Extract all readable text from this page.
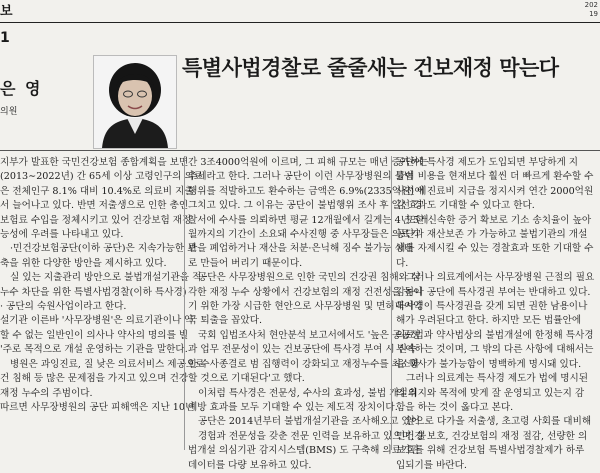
보	202
19
1
은 영
의원
특별사법경찰로 줄줄새는 건보재정 막는다

지부가 발표한 국민건강보험 종합계획을 보면

(2013∼2022년) 간 65세 이상 고령인구의 의료

은 전체인구 8.1% 대비 10.4%로 의료비 지출

서 늘어나고 있다. 반면 저출생으로 인한 총인

보험료 수입을 정체시키고 있어 건강보험 재정

능성에 우려를 나타내고 있다.

·민건강보험공단(이하 공단)은 지속가능한 보

축을 위한 다양한 방안을 제시하고 있다.

실 있는 지출관리 방안으로 불법개설기관을 적

누수 차단을 위한 특별사법경찰(이하 특사경)

· 공단의 숙원사업이라고 한다.

설기관 이른바 '사무장병원'은 의료기관이나 약

할 수 없는 일반인이 의사나 약사의 명의를 빌

'주로 목적으로 개설 운영하는 기관을 말한다.

병원은 과잉진료, 질 낮은 의료서비스 제공으로

건 침해 등 많은 문제점을 가지고 있으며 건강

재정 누수의 주범이다.

따르면 사무장병원의 공단 피해액은 지난 10년

간 3조4000억원에 이르며, 그 피해 규모는 매년 증가하는

추세라고 한다. 그러나 공단이 이런 사무장병원의 불법

행위를 적발하고도 환수하는 금액은 6.9%(2335억원) 에

그치고 있다. 그 이유는 공단이 불법행위 조사 후 일선 경

찰서에 수사를 의뢰하면 평균 12개월에서 길게는 4년 5개

월까지의 기간이 소요돼 수사진행 중 사무장들은 의료기

관을 폐업하거나 재산을 처분·은닉해 징수 불가능 상태

로 만들어 버리기 때문이다.

공단은 사무장병원으로 인한 국민의 건강권 침해와 심

각한 재정 누수 상황에서 건강보험의 재정 건전성을 높이

기 위한 가장 시급한 현안으로 사무장병원 및 면허대여약

국 퇴출을 꼽았다.

국회 입법조사처 현안분석 보고서에서도 '높은 공공성

과 업무 전문성이 있는 건보공단에 특사경 부여 시 신속

한 수사종결로 범 집행력이 강화되고 재정누수를 최소화

할 것으로 기대된다'고 했다.

이처럼 특사경은 전문성, 수사의 효과성, 불법 개설의

예방 효과를 모두 기대할 수 있는 제도적 장치이다.

공단은 2014년부터 불법개설기관을 조사해오고 있어

경험과 전문성을 갖춘 전문 인력을 보유하고 있으며, 불

법개설 의심기관 감지시스템(BMS) 도 구축해 의료기관

데이터를 다량 보유하고 있다.

공단에 특사경 제도가 도입되면 부당하게 지

급여 비용을 현재보다 훨씬 더 빠르게 환수할 수

사전에 진료비 지급을 정지시켜 연간 2000억원

감 효과도 기대할 수 있다고 한다.

또한 신속한 증거 확보로 기소 송치율이 높아

공단과 재산보존 가 가능하고 불법기관의 개설

체를 자제시킬 수 있는 경찰효과 또한 기대할 수

다.

그러나 의료계에서는 사무장병원 근절의 필요

감하나 공단에 특사경권 부여는 반대하고 있다.

특사경이 특사경권을 갖게 되면 권한 남용이나

해가 우려된다고 한다. 하지만 모든 법률안에

의료법과 약사법상의 불법개설에 한정해 특사경

부여하는 것이며, 그 밖의 다른 사항에 대해서는

을 행사가 불가능함이 명백하게 명시돼 있다.

그러나 의료계는 특사경 제도가 법에 명시된

의 취지와 목적에 맞게 잘 운영되고 있는지 감

함을 하는 것이 옳다고 본다.

앞으로 다가올 저출생, 초고령 사회를 대비해

민건강 보호, 건강보험의 재정 절감, 선량한 의

보호를 위해 건강보험 특별사법경찰제가 하루

입되기를 바란다.
